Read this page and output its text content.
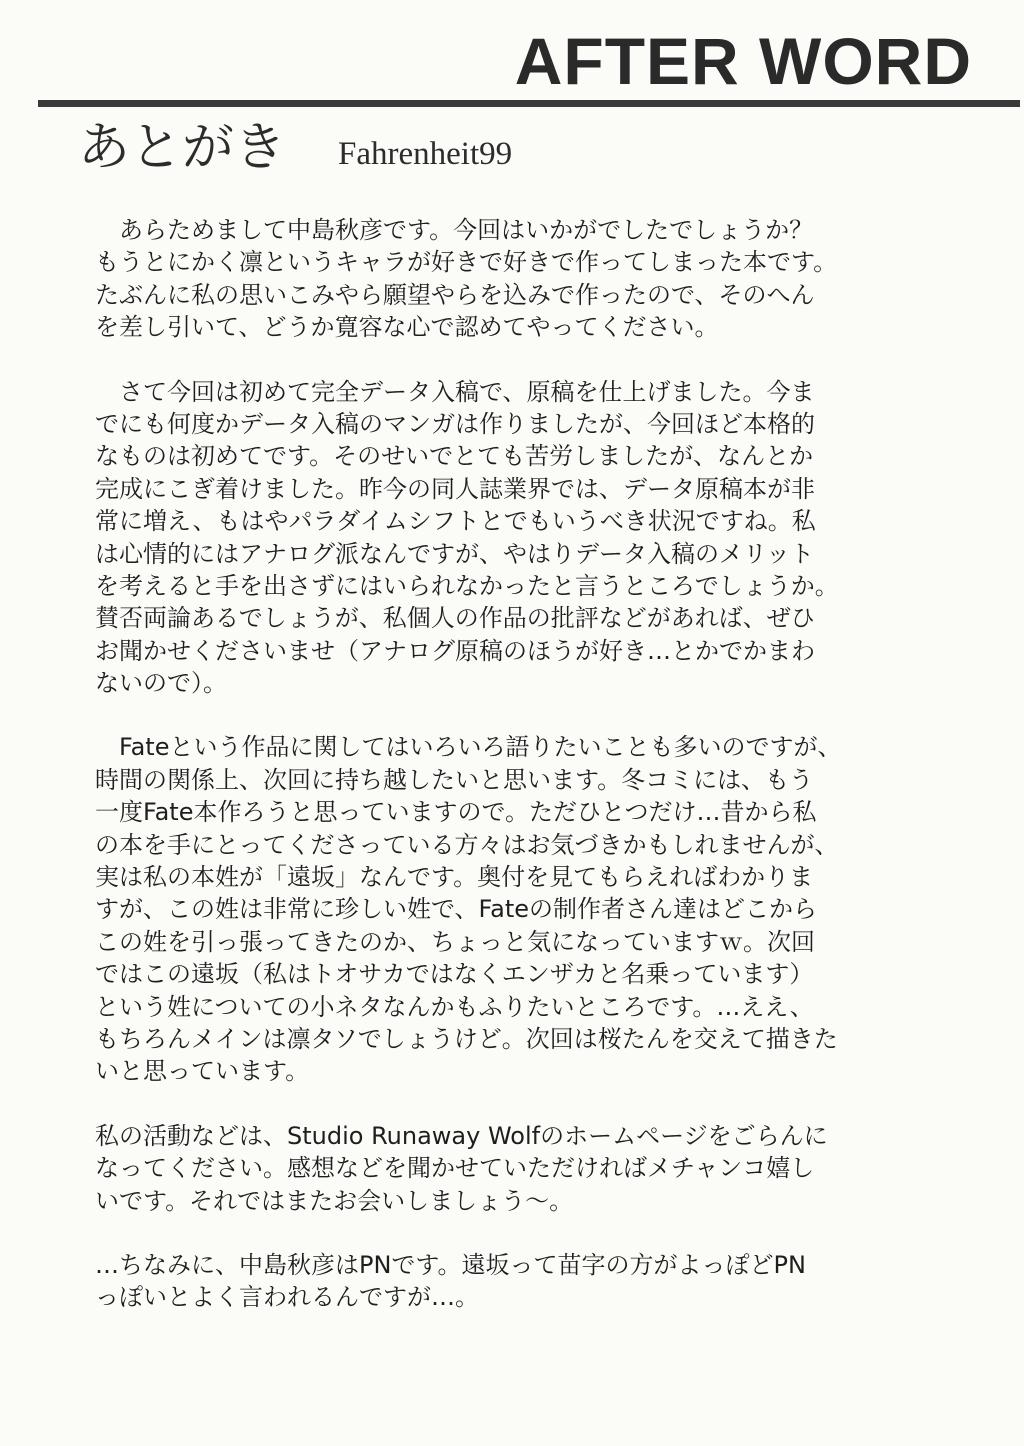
AFTER WORD
あとがき Fahrenheit99
　あらためまして中島秋彦です。今回はいかがでしたでしょうか？
もうとにかく凛というキャラが好きで好きで作ってしまった本です。
たぶんに私の思いこみやら願望やらを込みで作ったので、そのへん
を差し引いて、どうか寛容な心で認めてやってください。
　さて今回は初めて完全データ入稿で、原稿を仕上げました。今ま
でにも何度かデータ入稿のマンガは作りましたが、今回ほど本格的
なものは初めてです。そのせいでとても苦労しましたが、なんとか
完成にこぎ着けました。昨今の同人誌業界では、データ原稿本が非
常に増え、もはやパラダイムシフトとでもいうべき状況ですね。私
は心情的にはアナログ派なんですが、やはりデータ入稿のメリット
を考えると手を出さずにはいられなかったと言うところでしょうか。
賛否両論あるでしょうが、私個人の作品の批評などがあれば、ぜひ
お聞かせくださいませ（アナログ原稿のほうが好き…とかでかまわ
ないので）。
　Fateという作品に関してはいろいろ語りたいことも多いのですが、
時間の関係上、次回に持ち越したいと思います。冬コミには、もう
一度Fate本作ろうと思っていますので。ただひとつだけ…昔から私
の本を手にとってくださっている方々はお気づきかもしれませんが、
実は私の本姓が「遠坂」なんです。奥付を見てもらえればわかりま
すが、この姓は非常に珍しい姓で、Fateの制作者さん達はどこから
この姓を引っ張ってきたのか、ちょっと気になっていますｗ。次回
ではこの遠坂（私はトオサカではなくエンザカと名乗っています）
という姓についての小ネタなんかもふりたいところです。…ええ、
もちろんメインは凛タソでしょうけど。次回は桜たんを交えて描きた
いと思っています。
私の活動などは、Studio Runaway Wolfのホームページをごらんに
なってください。感想などを聞かせていただければメチャンコ嬉し
いです。それではまたお会いしましょう～。
…ちなみに、中島秋彦はPNです。遠坂って苗字の方がよっぽどPN
っぽいとよく言われるんですが…。
